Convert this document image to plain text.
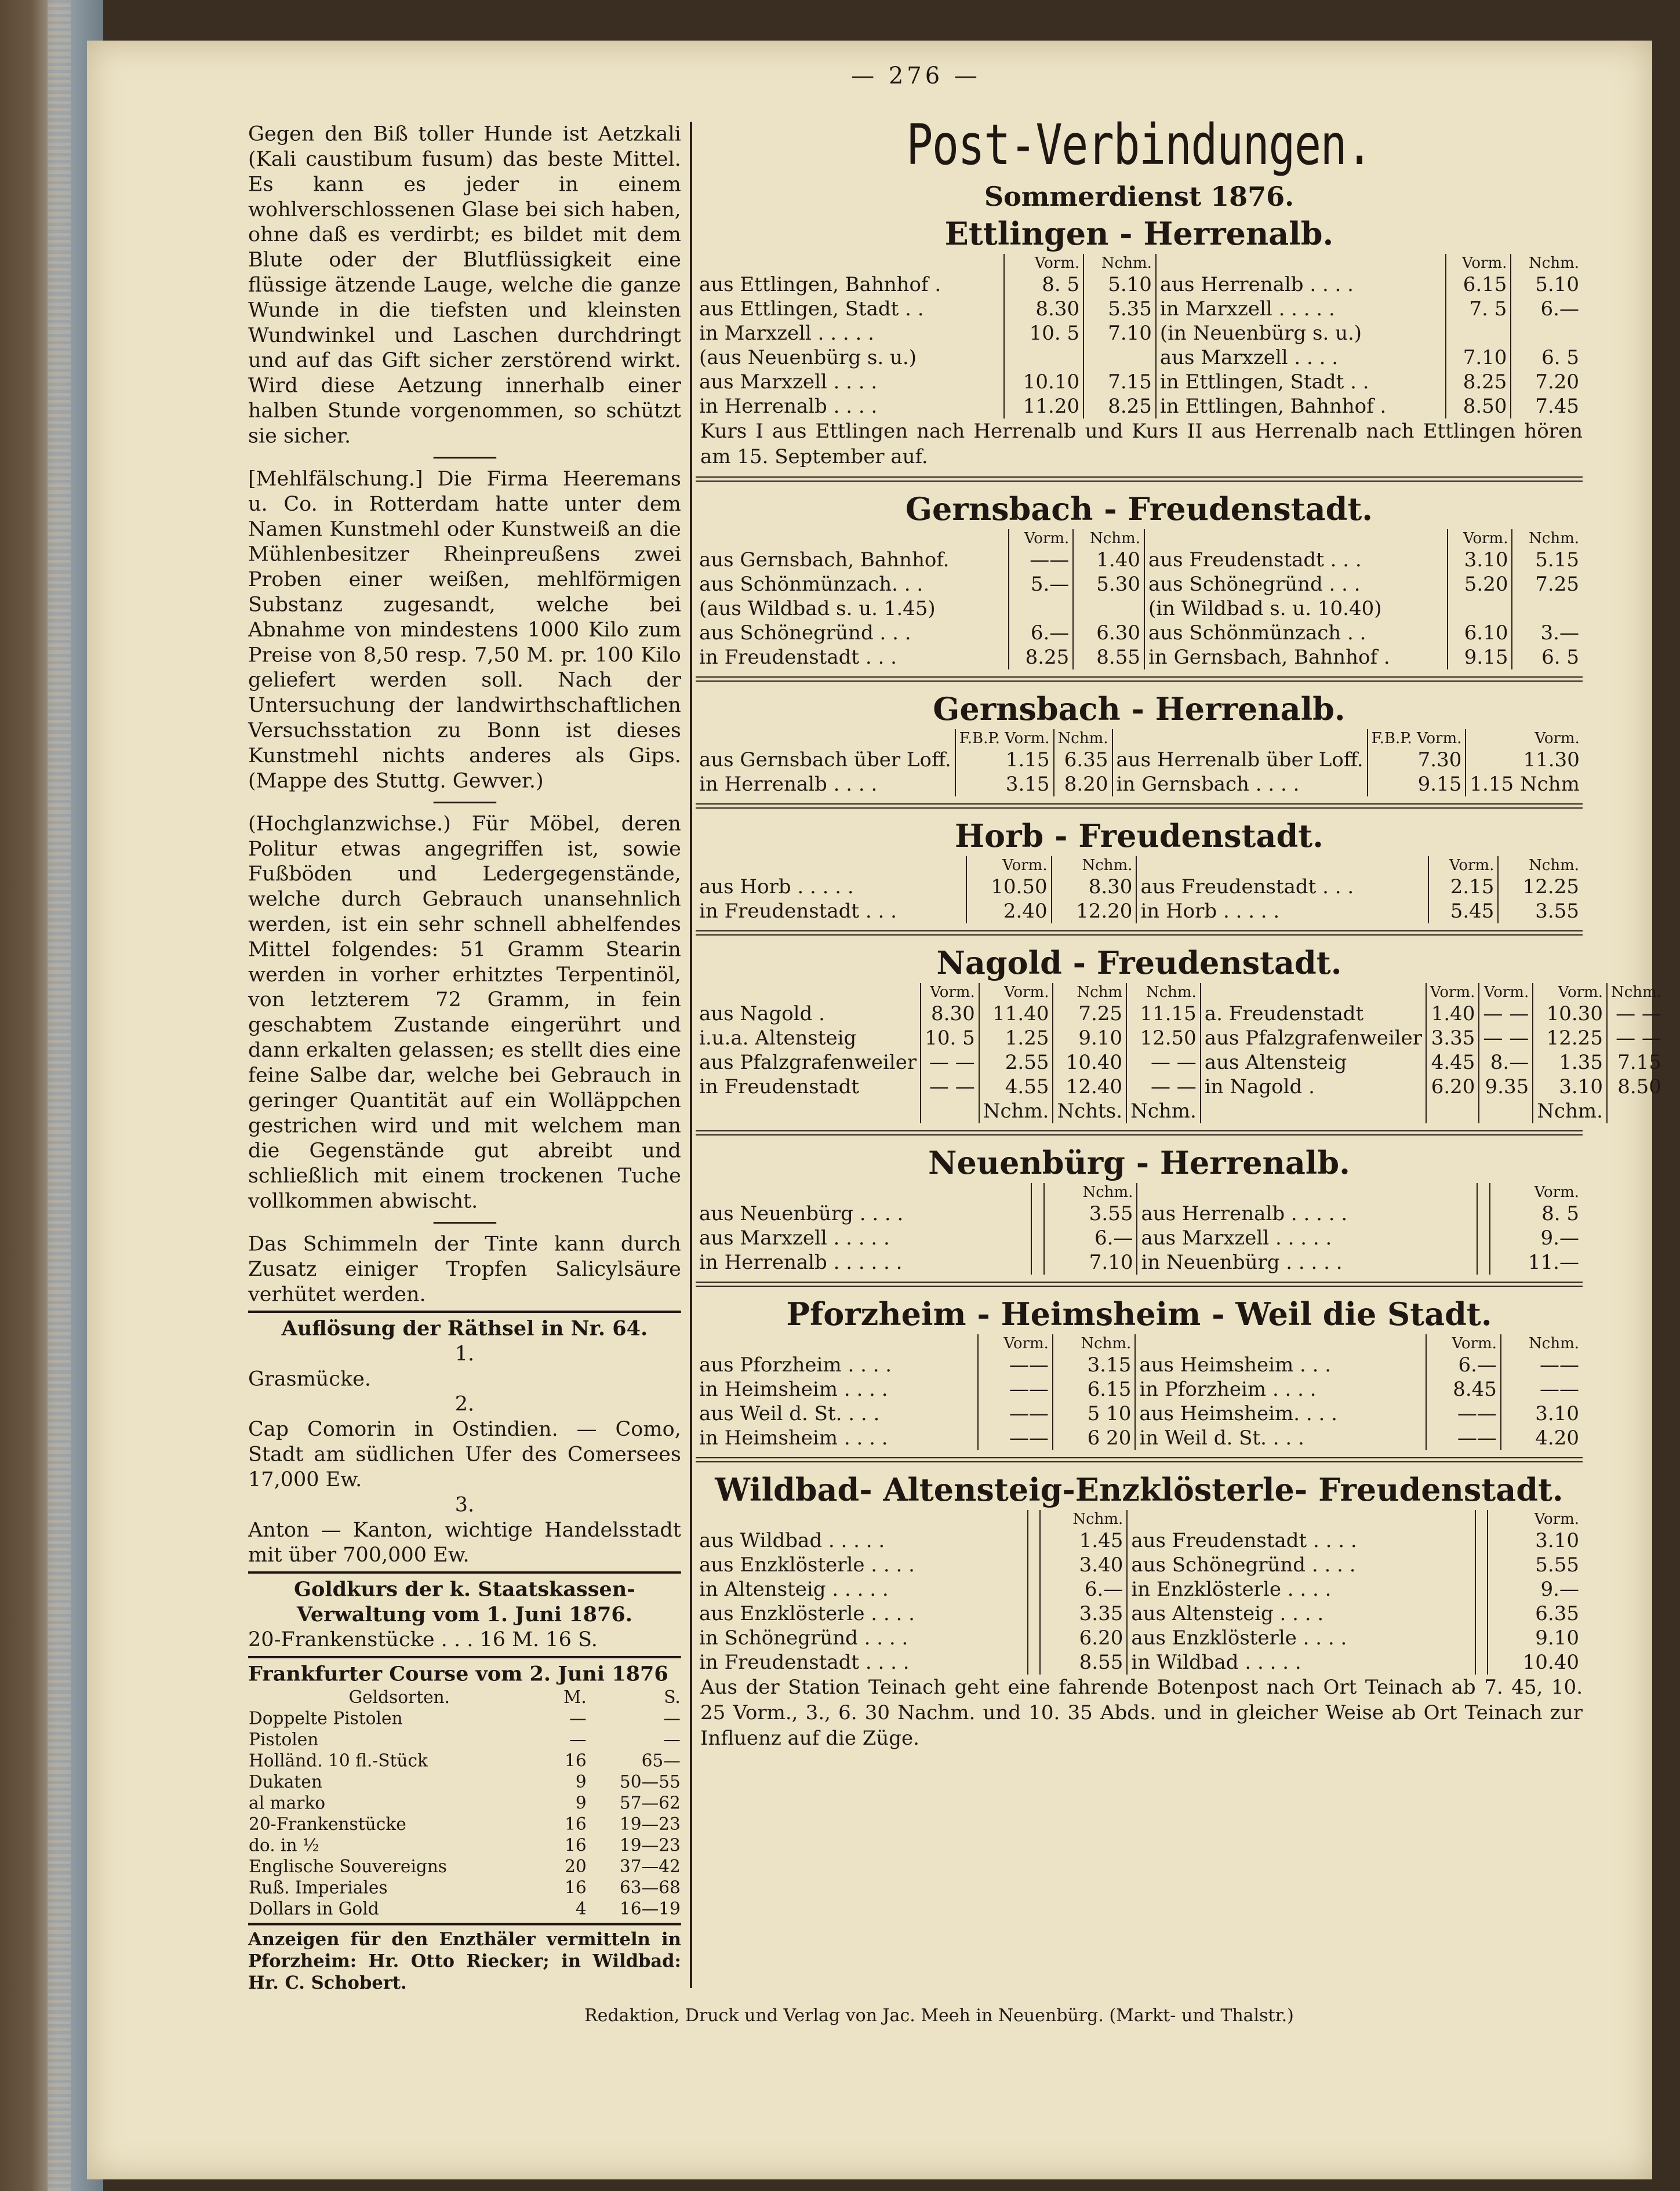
— 276 —

Gegen den Biß toller Hunde ist Aetzkali (Kali caustibum fusum) das beste Mittel. Es kann es jeder in einem wohlverschlossenen Glase bei sich haben, ohne daß es verdirbt; es bildet mit dem Blute oder der Blutflüssigkeit eine flüssige ätzende Lauge, welche die ganze Wunde in die tiefsten und kleinsten Wundwinkel und Laschen durchdringt und auf das Gift sicher zerstörend wirkt. Wird diese Aetzung innerhalb einer halben Stunde vorgenommen, so schützt sie sicher.

[Mehlfälschung.] Die Firma Heeremans u. Co. in Rotterdam hatte unter dem Namen Kunstmehl oder Kunstweiß an die Mühlenbesitzer Rheinpreußens zwei Proben einer weißen, mehlförmigen Substanz zugesandt, welche bei Abnahme von mindestens 1000 Kilo zum Preise von 8,50 resp. 7,50 M. pr. 100 Kilo geliefert werden soll. Nach der Untersuchung der landwirthschaftlichen Versuchsstation zu Bonn ist dieses Kunstmehl nichts anderes als Gips. (Mappe des Stuttg. Gewver.)

(Hochglanzwichse.) Für Möbel, deren Politur etwas angegriffen ist, sowie Fußböden und Ledergegenstände, welche durch Gebrauch unansehnlich werden, ist ein sehr schnell abhelfendes Mittel folgendes: 51 Gramm Stearin werden in vorher erhitztes Terpentinöl, von letzterem 72 Gramm, in fein geschabtem Zustande eingerührt und dann erkalten gelassen; es stellt dies eine feine Salbe dar, welche bei Gebrauch in geringer Quantität auf ein Wolläppchen gestrichen wird und mit welchem man die Gegenstände gut abreibt und schließlich mit einem trockenen Tuche vollkommen abwischt.

Das Schimmeln der Tinte kann durch Zusatz einiger Tropfen Salicylsäure verhütet werden.

Auflösung der Räthsel in Nr. 64.

1.

Grasmücke.

2.

Cap Comorin in Ostindien. — Como, Stadt am südlichen Ufer des Comersees 17,000 Ew.

3.

Anton — Kanton, wichtige Handelsstadt mit über 700,000 Ew.

Goldkurs der k. Staatskassen-Verwaltung vom 1. Juni 1876.

20-Frankenstücke . . . 16 M. 16 S.

Frankfurter Course vom 2. Juni 1876

Geldsorten.	M.	S.
Doppelte Pistolen	—	—
Pistolen	—	—
Holländ. 10 fl.-Stück	16	65—
Dukaten	9	50—55
al marko	9	57—62
20-Frankenstücke	16	19—23
do. in ½	16	19—23
Englische Souvereigns	20	37—42
Ruß. Imperiales	16	63—68
Dollars in Gold	4	16—19

Anzeigen für den Enzthäler vermitteln in Pforzheim: Hr. Otto Riecker; in Wildbad: Hr. C. Schobert.

Post-Verbindungen.
Sommerdienst 1876.

Ettlingen - Herrenalb.

	Vorm.	Nchm.		Vorm.	Nchm.
aus Ettlingen, Bahnhof .	8. 5	5.10	aus Herrenalb . . . .	6.15	5.10
aus Ettlingen, Stadt . .	8.30	5.35	in Marxzell . . . . .	7. 5	6.—
in Marxzell . . . . .	10. 5	7.10	(in Neuenbürg s. u.)		
(aus Neuenbürg s. u.)			aus Marxzell . . . .	7.10	6. 5
aus Marxzell . . . .	10.10	7.15	in Ettlingen, Stadt . .	8.25	7.20
in Herrenalb . . . .	11.20	8.25	in Ettlingen, Bahnhof .	8.50	7.45

Kurs I aus Ettlingen nach Herrenalb und Kurs II aus Herrenalb nach Ettlingen hören am 15. September auf.

Gernsbach - Freudenstadt.

	Vorm.	Nchm.		Vorm.	Nchm.
aus Gernsbach, Bahnhof.	——	1.40	aus Freudenstadt . . .	3.10	5.15
aus Schönmünzach. . .	5.—	5.30	aus Schönegründ . . .	5.20	7.25
(aus Wildbad s. u. 1.45)			(in Wildbad s. u. 10.40)		
aus Schönegründ . . .	6.—	6.30	aus Schönmünzach . .	6.10	3.—
in Freudenstadt . . .	8.25	8.55	in Gernsbach, Bahnhof .	9.15	6. 5

Gernsbach - Herrenalb.

	F.B.P. Vorm.	Nchm.		F.B.P. Vorm.	Vorm.
aus Gernsbach über Loff.	1.15	6.35	aus Herrenalb über Loff.	7.30	11.30
in Herrenalb . . . .	3.15	8.20	in Gernsbach . . . .	9.15	1.15 Nchm

Horb - Freudenstadt.

	Vorm.	Nchm.		Vorm.	Nchm.
aus Horb . . . . .	10.50	8.30	aus Freudenstadt . . .	2.15	12.25
in Freudenstadt . . .	2.40	12.20	in Horb . . . . .	5.45	3.55

Nagold - Freudenstadt.

	Vorm.	Vorm.	Nchm	Nchm.		Vorm.	Vorm.	Vorm.	Nchm.
aus Nagold .	8.30	11.40	7.25	11.15	a. Freudenstadt	1.40	— —	10.30	— —
i.u.a. Altensteig	10. 5	1.25	9.10	12.50	aus Pfalzgrafenweiler	3.35	— —	12.25	— —
aus Pfalzgrafenweiler	— —	2.55	10.40	— —	aus Altensteig	4.45	8.—	1.35	7.15
in Freudenstadt	— —	4.55	12.40	— —	in Nagold .	6.20	9.35	3.10	8.50
		Nchm.	Nchts.	Nchm.				Nchm.	

Neuenbürg - Herrenalb.

		Nchm.			Vorm.
aus Neuenbürg . . . .		3.55	aus Herrenalb . . . . .		8. 5
aus Marxzell . . . . .		6.—	aus Marxzell . . . . .		9.—
in Herrenalb . . . . . .		7.10	in Neuenbürg . . . . .		11.—

Pforzheim - Heimsheim - Weil die Stadt.

	Vorm.	Nchm.		Vorm.	Nchm.
aus Pforzheim . . . .	——	3.15	aus Heimsheim . . .	6.—	——
in Heimsheim . . . .	——	6.15	in Pforzheim . . . .	8.45	——
aus Weil d. St. . . .	——	5 10	aus Heimsheim. . . .	——	3.10
in Heimsheim . . . .	——	6 20	in Weil d. St. . . .	——	4.20

Wildbad- Altensteig-Enzklösterle- Freudenstadt.

		Nchm.			Vorm.
aus Wildbad . . . . .		1.45	aus Freudenstadt . . . .		3.10
aus Enzklösterle . . . .		3.40	aus Schönegründ . . . .		5.55
in Altensteig . . . . .		6.—	in Enzklösterle . . . .		9.—
aus Enzklösterle . . . .		3.35	aus Altensteig . . . .		6.35
in Schönegründ . . . .		6.20	aus Enzklösterle . . . .		9.10
in Freudenstadt . . . .		8.55	in Wildbad . . . . .		10.40

Aus der Station Teinach geht eine fahrende Botenpost nach Ort Teinach ab 7. 45, 10. 25 Vorm., 3., 6. 30 Nachm. und 10. 35 Abds. und in gleicher Weise ab Ort Teinach zur Influenz auf die Züge.

Redaktion, Druck und Verlag von Jac. Meeh in Neuenbürg. (Markt- und Thalstr.)
